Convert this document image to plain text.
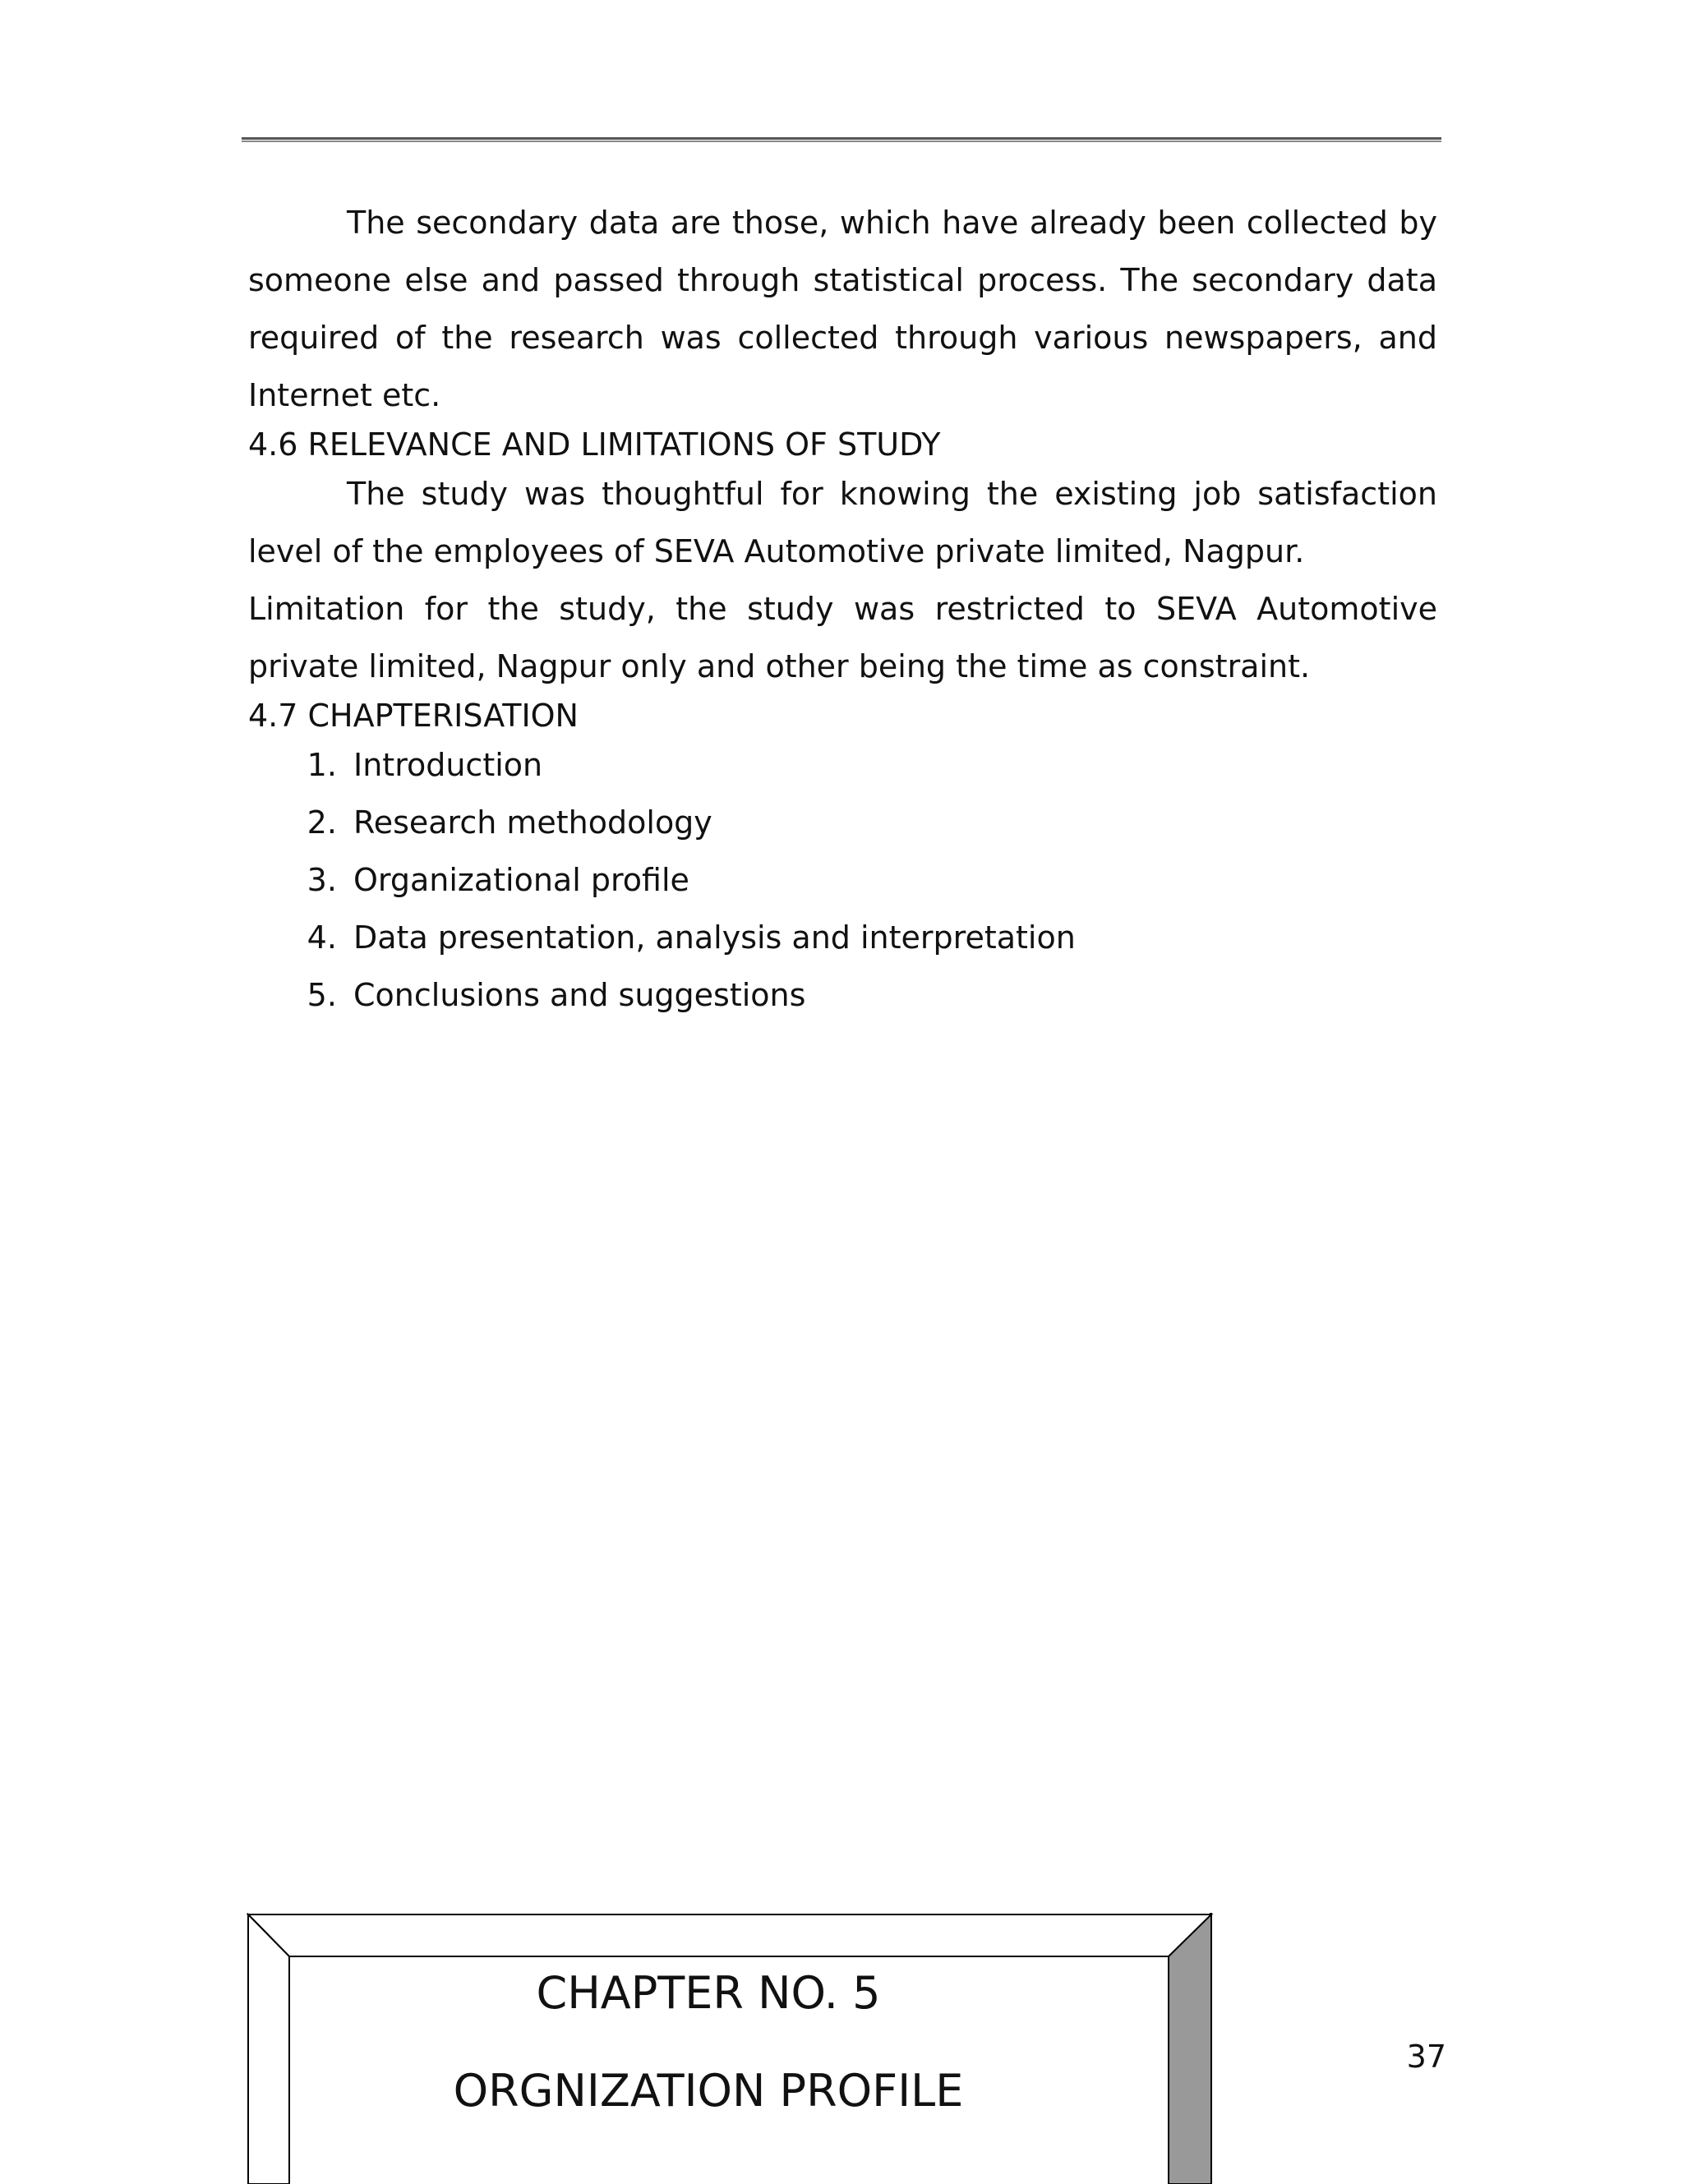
The secondary data are those, which have already been collected by someone else and passed through statistical process. The secondary data required of the research was collected through various newspapers, and Internet etc.

4.6 RELEVANCE AND LIMITATIONS OF STUDY

The study was thoughtful for knowing the existing job satisfaction level of the employees of SEVA Automotive private limited, Nagpur.

Limitation for the study, the study was restricted to SEVA Automotive private limited, Nagpur only and other being the time as constraint.

4.7 CHAPTERISATION
1. Introduction
2. Research methodology
3. Organizational profile
4. Data presentation, analysis and interpretation
5. Conclusions and suggestions
CHAPTER NO. 5
ORGNIZATION PROFILE
37
